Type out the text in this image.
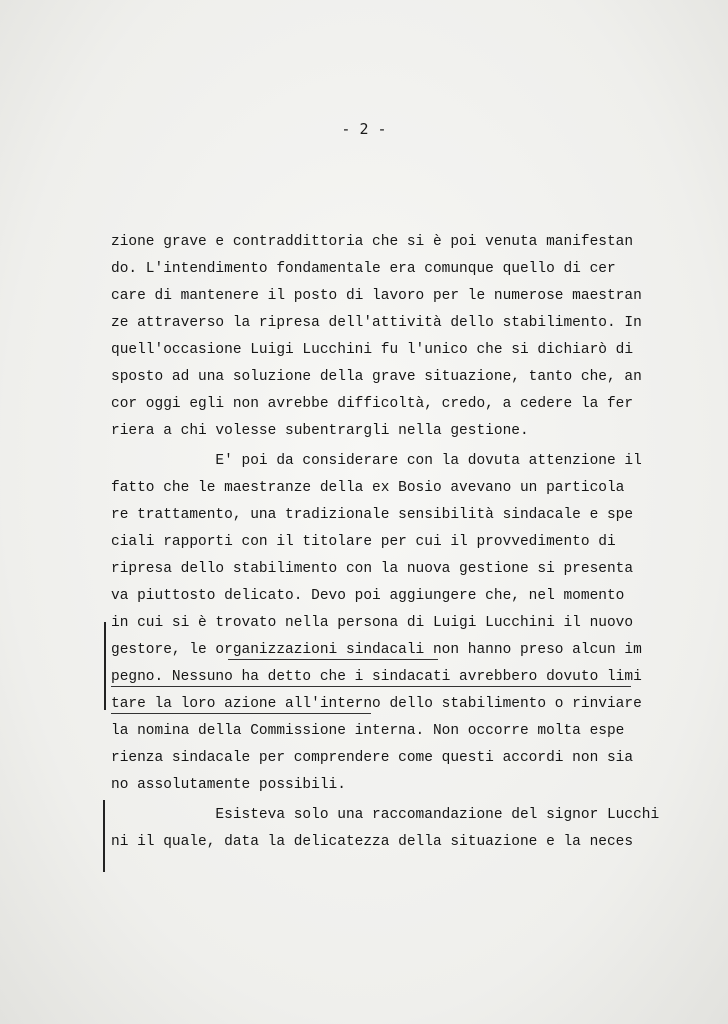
- 2 -
zione grave e contraddittoria che si è poi venuta manifestan
do. L'intendimento fondamentale era comunque quello di cer
care di mantenere il posto di lavoro per le numerose maestran
ze attraverso la ripresa dell'attività dello stabilimento. In
quell'occasione Luigi Lucchini fu l'unico che si dichiarò di
sposto ad una soluzione della grave situazione, tanto che, an
cor oggi egli non avrebbe difficoltà, credo, a cedere la fer
riera a chi volesse subentrargli nella gestione.
E' poi da considerare con la dovuta attenzione il
fatto che le maestranze della ex Bosio avevano un particola
re trattamento, una tradizionale sensibilità sindacale e spe
ciali rapporti con il titolare per cui il provvedimento di
ripresa dello stabilimento con la nuova gestione si presenta
va piuttosto delicato. Devo poi aggiungere che, nel momento
in cui si è trovato nella persona di Luigi Lucchini il nuovo
gestore, le organizzazioni sindacali non hanno preso alcun im
pegno. Nessuno ha detto che i sindacati avrebbero dovuto limi
tare la loro azione all'interno dello stabilimento o rinviare
la nomina della Commissione interna. Non occorre molta espe
rienza sindacale per comprendere come questi accordi non sia
no assolutamente possibili.
Esisteva solo una raccomandazione del signor Lucchi
ni il quale, data la delicatezza della situazione e la neces
